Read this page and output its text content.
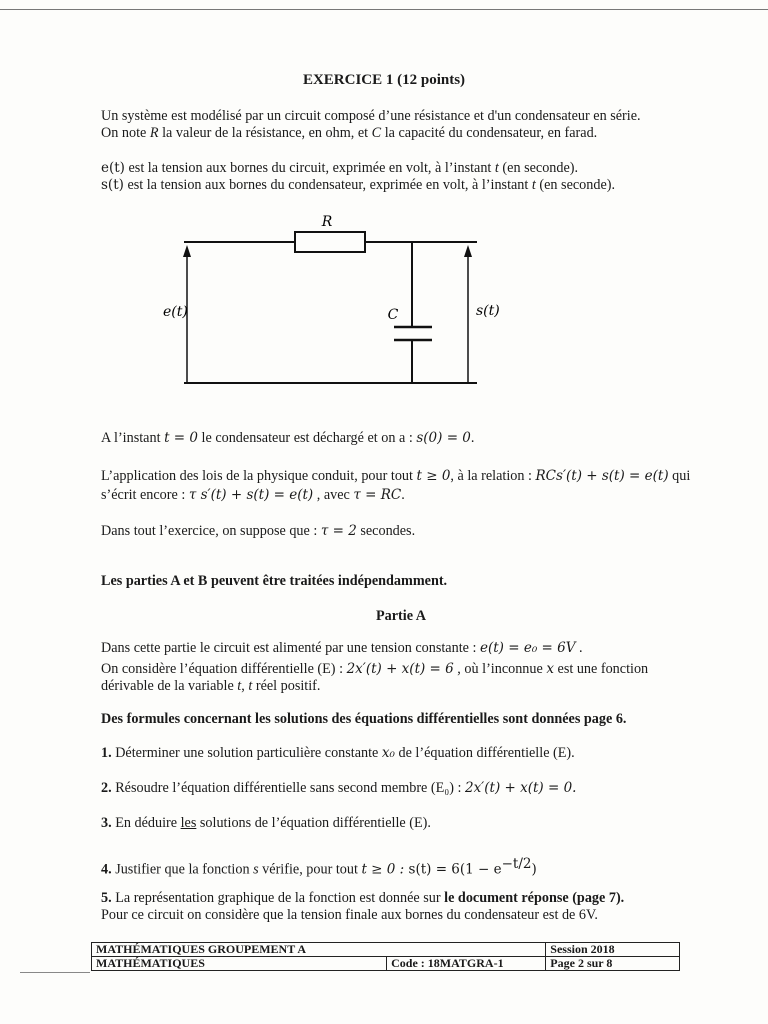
EXERCICE 1 (12 points)
Un système est modélisé par un circuit composé d’une résistance et d'un condensateur en série.
On note R la valeur de la résistance, en ohm, et C la capacité du condensateur, en farad.
e(t) est la tension aux bornes du circuit, exprimée en volt, à l’instant t (en seconde).
s(t) est la tension aux bornes du condensateur, exprimée en volt, à l’instant t (en seconde).
R
C
e(t)	s(t)
A l’instant t = 0 le condensateur est déchargé et on a : s(0) = 0.
L’application des lois de la physique conduit, pour tout t ≥ 0, à la relation : RCs′(t) + s(t) = e(t) qui
s’écrit encore : τ s′(t) + s(t) = e(t) , avec τ = RC.
Dans tout l’exercice, on suppose que : τ = 2 secondes.
Les parties A et B peuvent être traitées indépendamment.
Partie A
Dans cette partie le circuit est alimenté par une tension constante : e(t) = e₀ = 6V .
On considère l’équation différentielle (E) : 2x′(t) + x(t) = 6 , où l’inconnue x est une fonction
dérivable de la variable t, t réel positif.
Des formules concernant les solutions des équations différentielles sont données page 6.
1. Déterminer une solution particulière constante x₀ de l’équation différentielle (E).
2. Résoudre l’équation différentielle sans second membre (E₀) : 2x′(t) + x(t) = 0.
3. En déduire les solutions de l’équation différentielle (E).
4. Justifier que la fonction s vérifie, pour tout t ≥ 0 : $s(t) = 6(1 - e^{-t/2})$
5. La représentation graphique de la fonction est donnée sur le document réponse (page 7).
Pour ce circuit on considère que la tension finale aux bornes du condensateur est de 6V.
MATHÉMATIQUES GROUPEMENT A		Session 2018
MATHÉMATIQUES	Code : 18MATGRA-1	Page 2 sur 8
